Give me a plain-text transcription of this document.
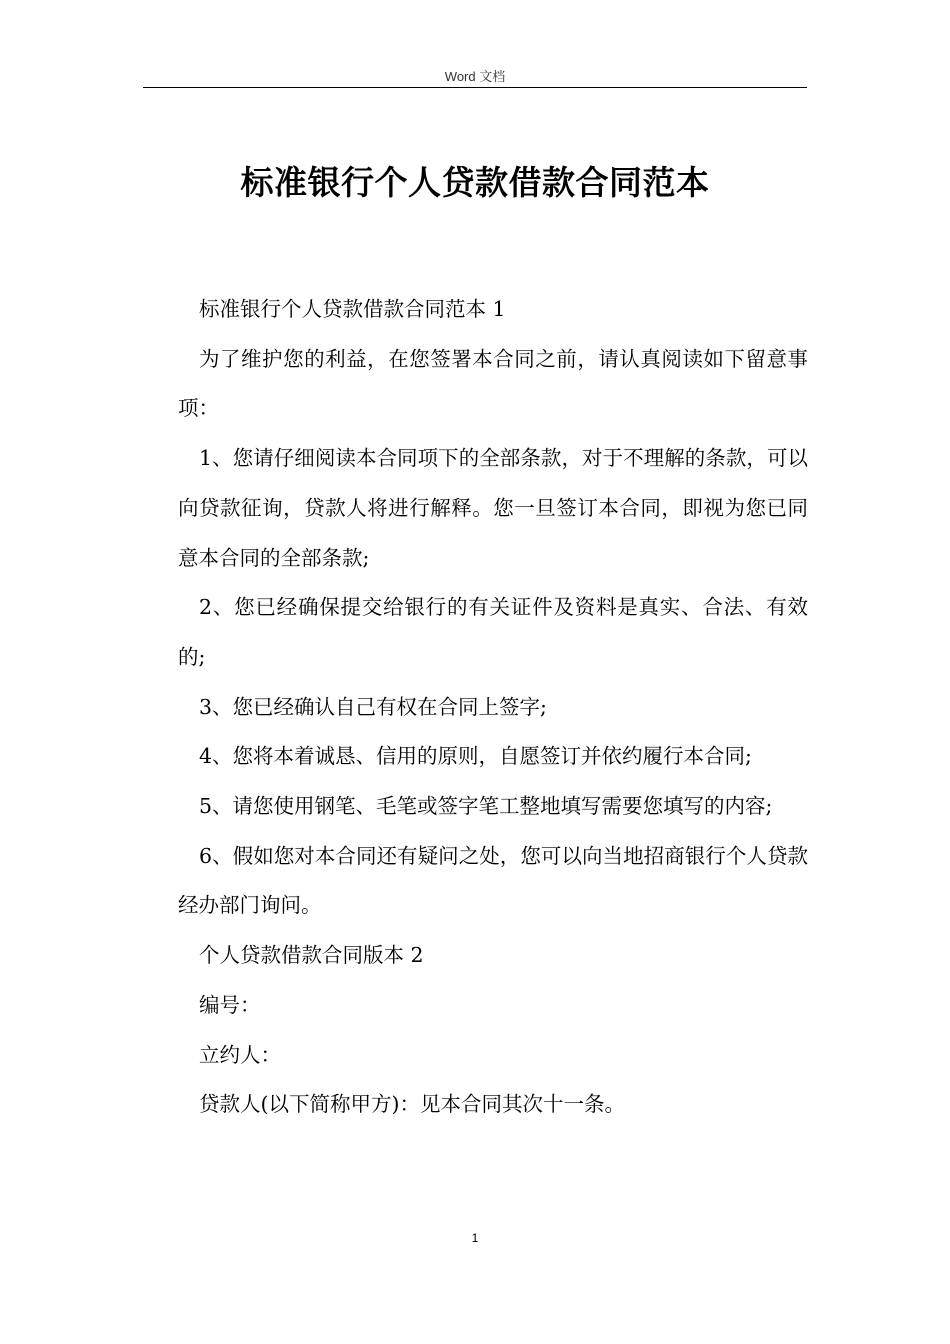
Word 文档
标准银行个人贷款借款合同范本

标准银行个人贷款借款合同范本 1

为了维护您的利益，在您签署本合同之前，请认真阅读如下留意事项：

1、您请仔细阅读本合同项下的全部条款，对于不理解的条款，可以向贷款征询，贷款人将进行解释。您一旦签订本合同，即视为您已同意本合同的全部条款;

2、您已经确保提交给银行的有关证件及资料是真实、合法、有效的;

3、您已经确认自己有权在合同上签字;

4、您将本着诚恳、信用的原则，自愿签订并依约履行本合同;

5、请您使用钢笔、毛笔或签字笔工整地填写需要您填写的内容;

6、假如您对本合同还有疑问之处，您可以向当地招商银行个人贷款经办部门询问。

个人贷款借款合同版本 2

编号：

立约人：

贷款人(以下简称甲方)：见本合同其次十一条。

1
